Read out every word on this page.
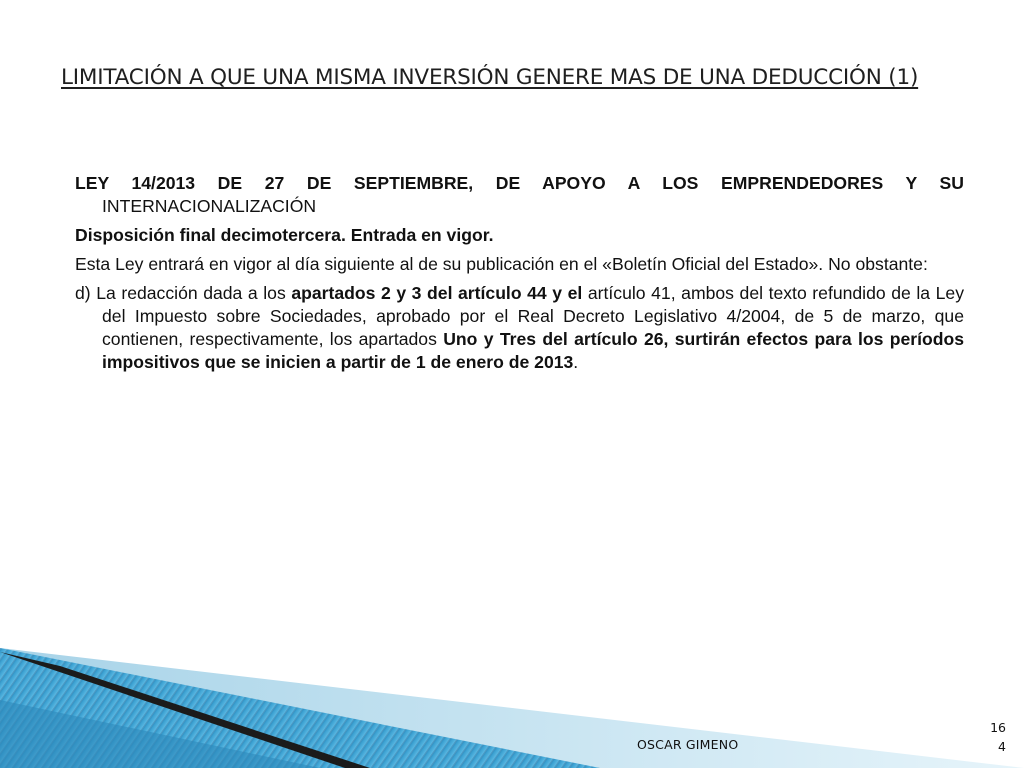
LIMITACIÓN A QUE UNA MISMA INVERSIÓN GENERE MAS DE UNA DEDUCCIÓN (1)

LEY 14/2013 DE 27 DE SEPTIEMBRE, DE APOYO A LOS EMPRENDEDORES Y SU INTERNACIONALIZACIÓN

Disposición final decimotercera. Entrada en vigor.

Esta Ley entrará en vigor al día siguiente al de su publicación en el «Boletín Oficial del Estado». No obstante:

d) La redacción dada a los apartados 2 y 3 del artículo 44 y el artículo 41, ambos del texto refundido de la Ley del Impuesto sobre Sociedades, aprobado por el Real Decreto Legislativo 4/2004, de 5 de marzo, que contienen, respectivamente, los apartados Uno y Tres del artículo 26, surtirán efectos para los períodos impositivos que se inicien a partir de 1 de enero de 2013.

OSCAR GIMENO
16
4
